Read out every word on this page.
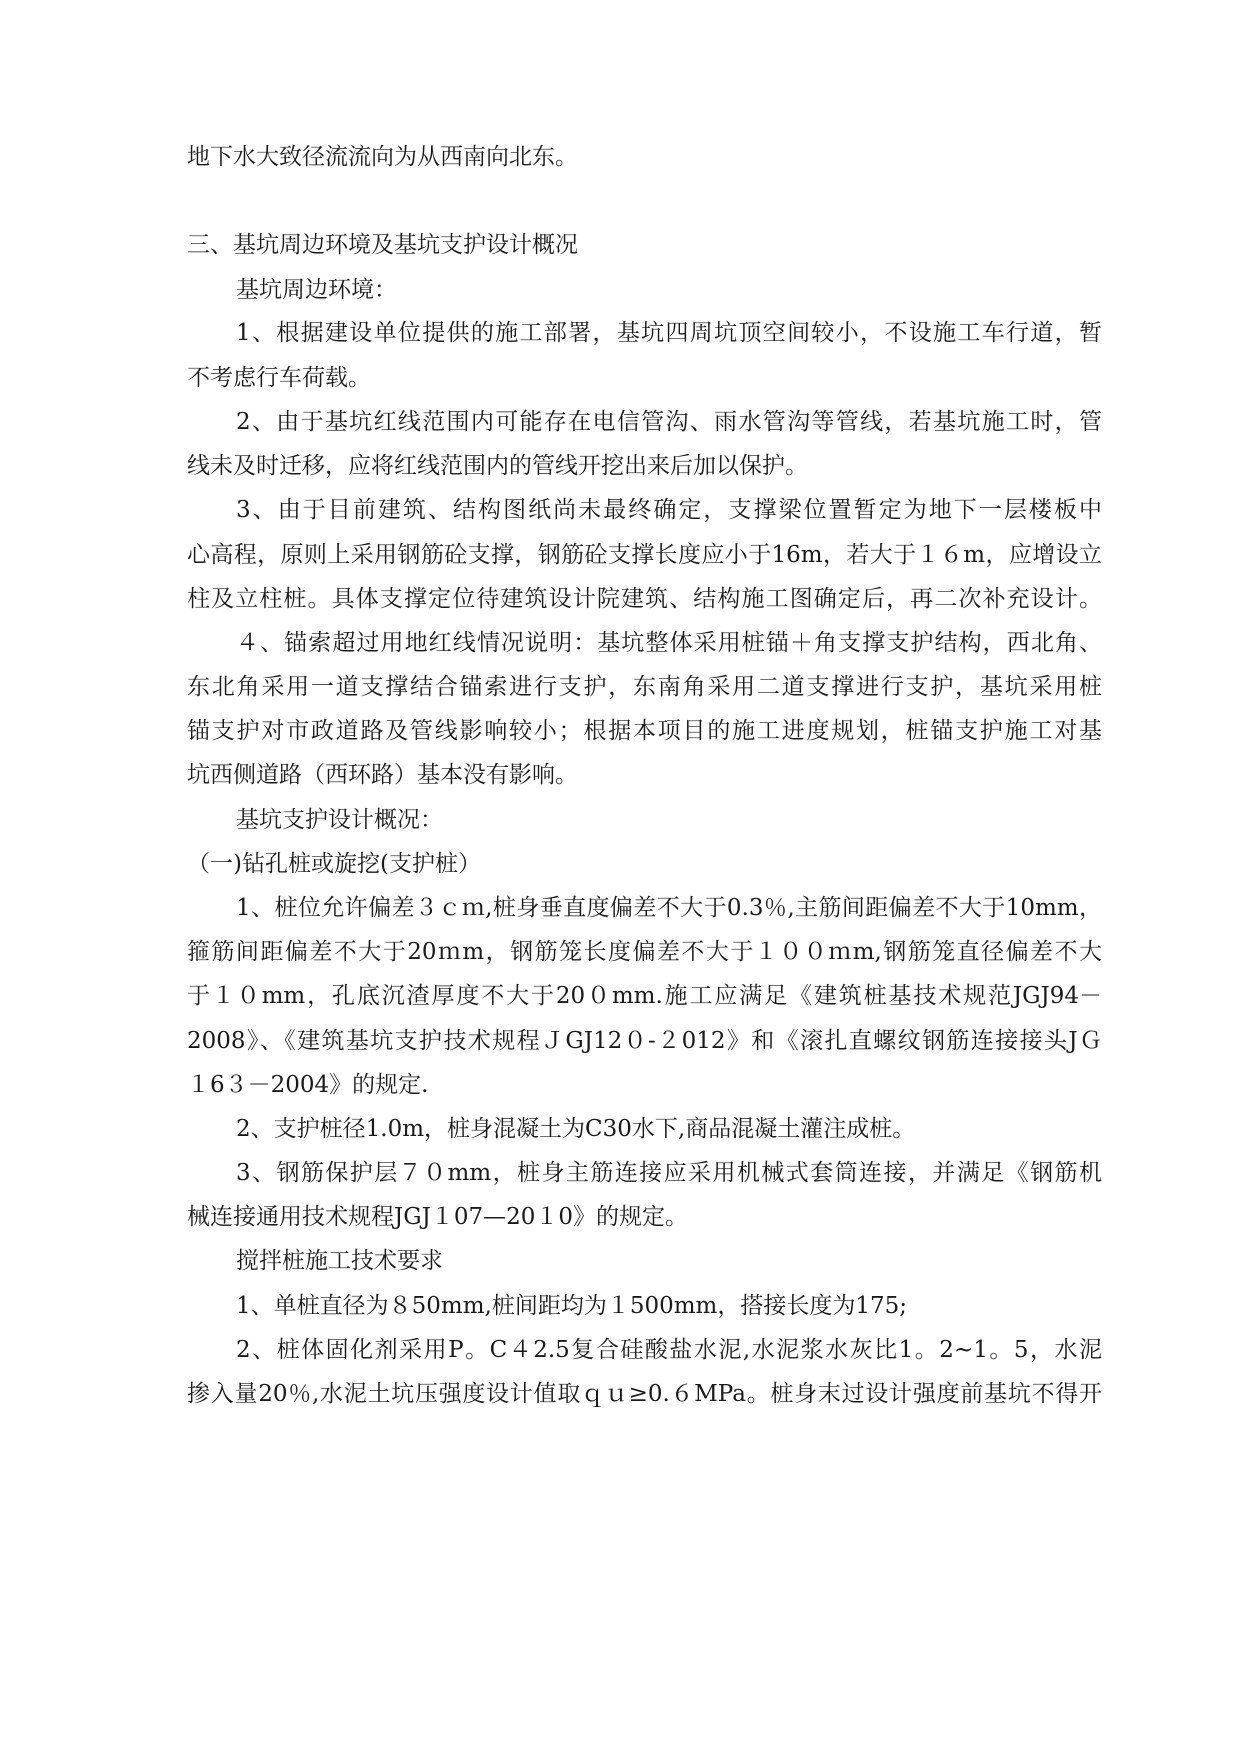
地下水大致径流流向为从西南向北东。
三、基坑周边环境及基坑支护设计概况
基坑周边环境：
1、根据建设单位提供的施工部署，基坑四周坑顶空间较小，不设施工车行道，暂
不考虑行车荷载。
2、由于基坑红线范围内可能存在电信管沟、雨水管沟等管线，若基坑施工时，管
线未及时迁移，应将红线范围内的管线开挖出来后加以保护。
3、由于目前建筑、结构图纸尚未最终确定，支撑梁位置暂定为地下一层楼板中
心高程，原则上采用钢筋砼支撑，钢筋砼支撑长度应小于16m，若大于１６m，应增设立
柱及立柱桩。具体支撑定位待建筑设计院建筑、结构施工图确定后，再二次补充设计。
４、锚索超过用地红线情况说明：基坑整体采用桩锚＋角支撑支护结构，西北角、
东北角采用一道支撑结合锚索进行支护，东南角采用二道支撑进行支护，基坑采用桩
锚支护对市政道路及管线影响较小；根据本项目的施工进度规划，桩锚支护施工对基
坑西侧道路（西环路）基本没有影响。
基坑支护设计概况：
（一)钻孔桩或旋挖(支护桩）
1、桩位允许偏差３ｃｍ,桩身垂直度偏差不大于0.3％,主筋间距偏差不大于10mm，
箍筋间距偏差不大于20ｍm，钢筋笼长度偏差不大于１００ｍm,钢筋笼直径偏差不大
于１０mm，孔底沉渣厚度不大于20０mm.施工应满足《建筑桩基技术规范JGJ94－
2008》、《建筑基坑支护技术规程ＪGJ12０-２012》和《滚扎直螺纹钢筋连接接头JＧ
１6３－2004》的规定.
2、支护桩径1.0m，桩身混凝土为C30水下,商品混凝土灌注成桩。
3、钢筋保护层７０mm，桩身主筋连接应采用机械式套筒连接，并满足《钢筋机
械连接通用技术规程JGJ１07—20１0》的规定。
搅拌桩施工技术要求
1、单桩直径为８50mm,桩间距均为１500mm，搭接长度为175;
2、桩体固化剂采用P。C４2.5复合硅酸盐水泥,水泥浆水灰比1。2~1。5，水泥
掺入量20％,水泥土坑压强度设计值取ｑｕ≥0.６MPa。桩身末过设计强度前基坑不得开
